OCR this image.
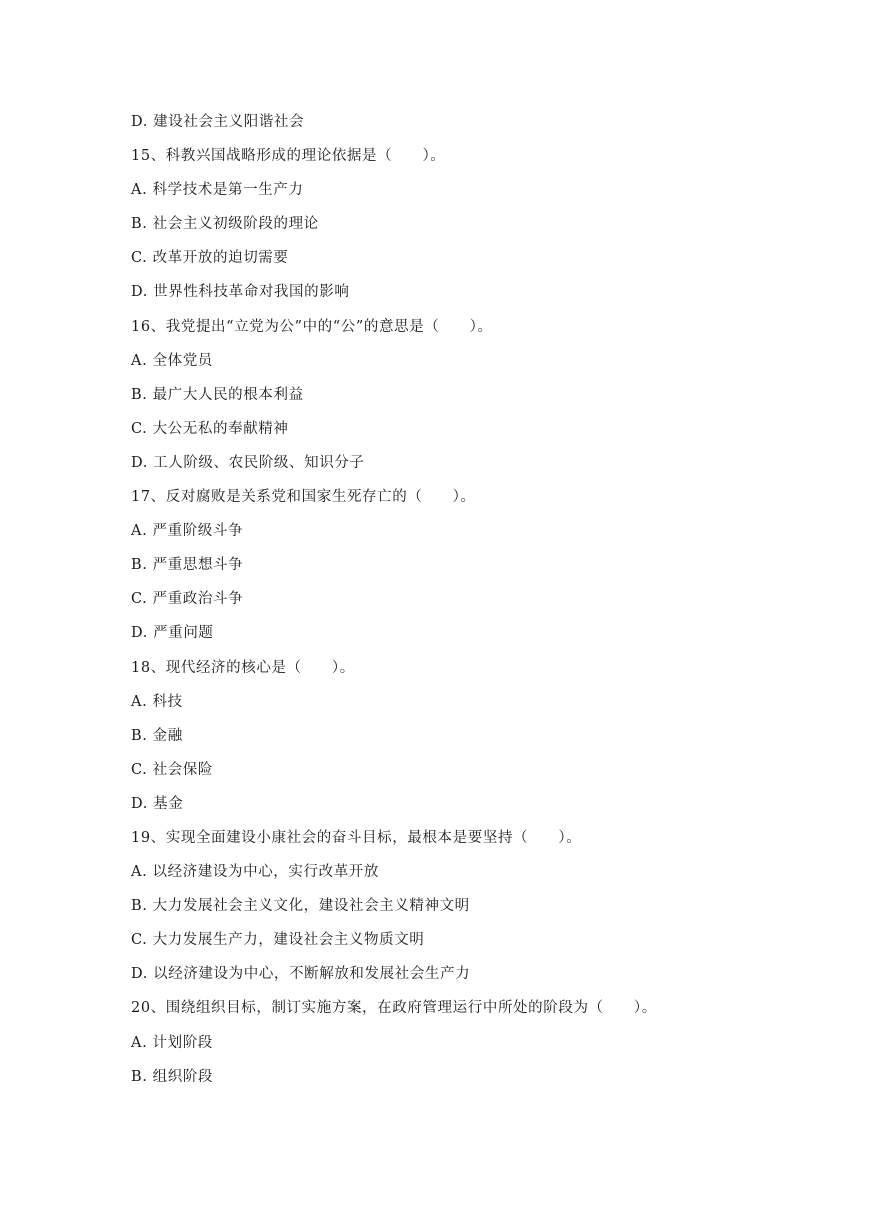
D. 建设社会主义阳谐社会
15、科教兴国战略形成的理论依据是（　　）。
A. 科学技术是第一生产力
B. 社会主义初级阶段的理论
C. 改革开放的迫切需要
D. 世界性科技革命对我国的影响
16、我党提出“立党为公”中的“公”的意思是（　　）。
A. 全体党员
B. 最广大人民的根本利益
C. 大公无私的奉献精神
D. 工人阶级、农民阶级、知识分子
17、反对腐败是关系党和国家生死存亡的（　　）。
A. 严重阶级斗争
B. 严重思想斗争
C. 严重政治斗争
D. 严重问题
18、现代经济的核心是（　　）。
A. 科技
B. 金融
C. 社会保险
D. 基金
19、实现全面建设小康社会的奋斗目标，最根本是要坚持（　　）。
A. 以经济建设为中心，实行改革开放
B. 大力发展社会主义文化，建设社会主义精神文明
C. 大力发展生产力，建设社会主义物质文明
D. 以经济建设为中心，不断解放和发展社会生产力
20、围绕组织目标，制订实施方案，在政府管理运行中所处的阶段为（　　）。
A. 计划阶段
B. 组织阶段
